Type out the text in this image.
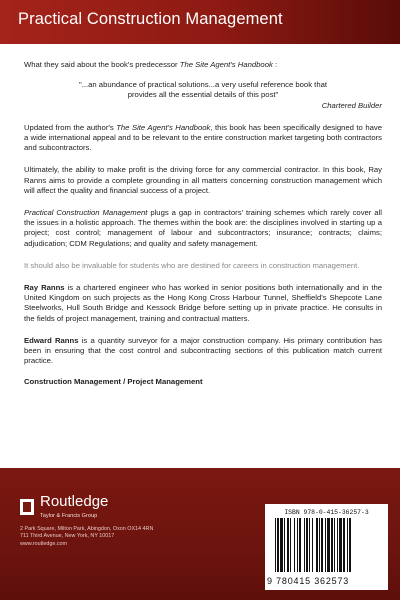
Practical Construction Management

What they said about the book's predecessor The Site Agent's Handbook :

"...an abundance of practical solutions...a very useful reference book that

provides all the essential details of this post"

Chartered Builder

Updated from the author's The Site Agent's Handbook, this book has been specifically designed to have a wide international appeal and to be relevant to the entire construction market targeting both contractors and subcontractors.

Ultimately, the ability to make profit is the driving force for any commercial contractor. In this book, Ray Ranns aims to provide a complete grounding in all matters concerning construction management which will affect the quality and financial success of a project.

Practical Construction Management plugs a gap in contractors' training schemes which rarely cover all the issues in a holistic approach. The themes within the book are: the disciplines involved in starting up a project; cost control; management of labour and subcontractors; insurance; contracts; claims; adjudication; CDM Regulations; and quality and safety management.

It should also be invaluable for students who are destined for careers in construction management.

Ray Ranns is a chartered engineer who has worked in senior positions both internationally and in the United Kingdom on such projects as the Hong Kong Cross Harbour Tunnel, Sheffield's Shepcote Lane Steelworks, Hull South Bridge and Kessock Bridge before setting up in private practice. He consults in the fields of project management, training and contractual matters.

Edward Ranns is a quantity surveyor for a major construction company. His primary contribution has been in ensuring that the cost control and subcontracting sections of this publication match current practice.

Construction Management / Project Management

Routledge
Taylor & Francis Group
2 Park Square, Milton Park, Abingdon, Oxon OX14 4RN
711 Third Avenue, New York, NY 10017
www.routledge.com
ISBN 978-0-415-36257-3
9 780415 362573
